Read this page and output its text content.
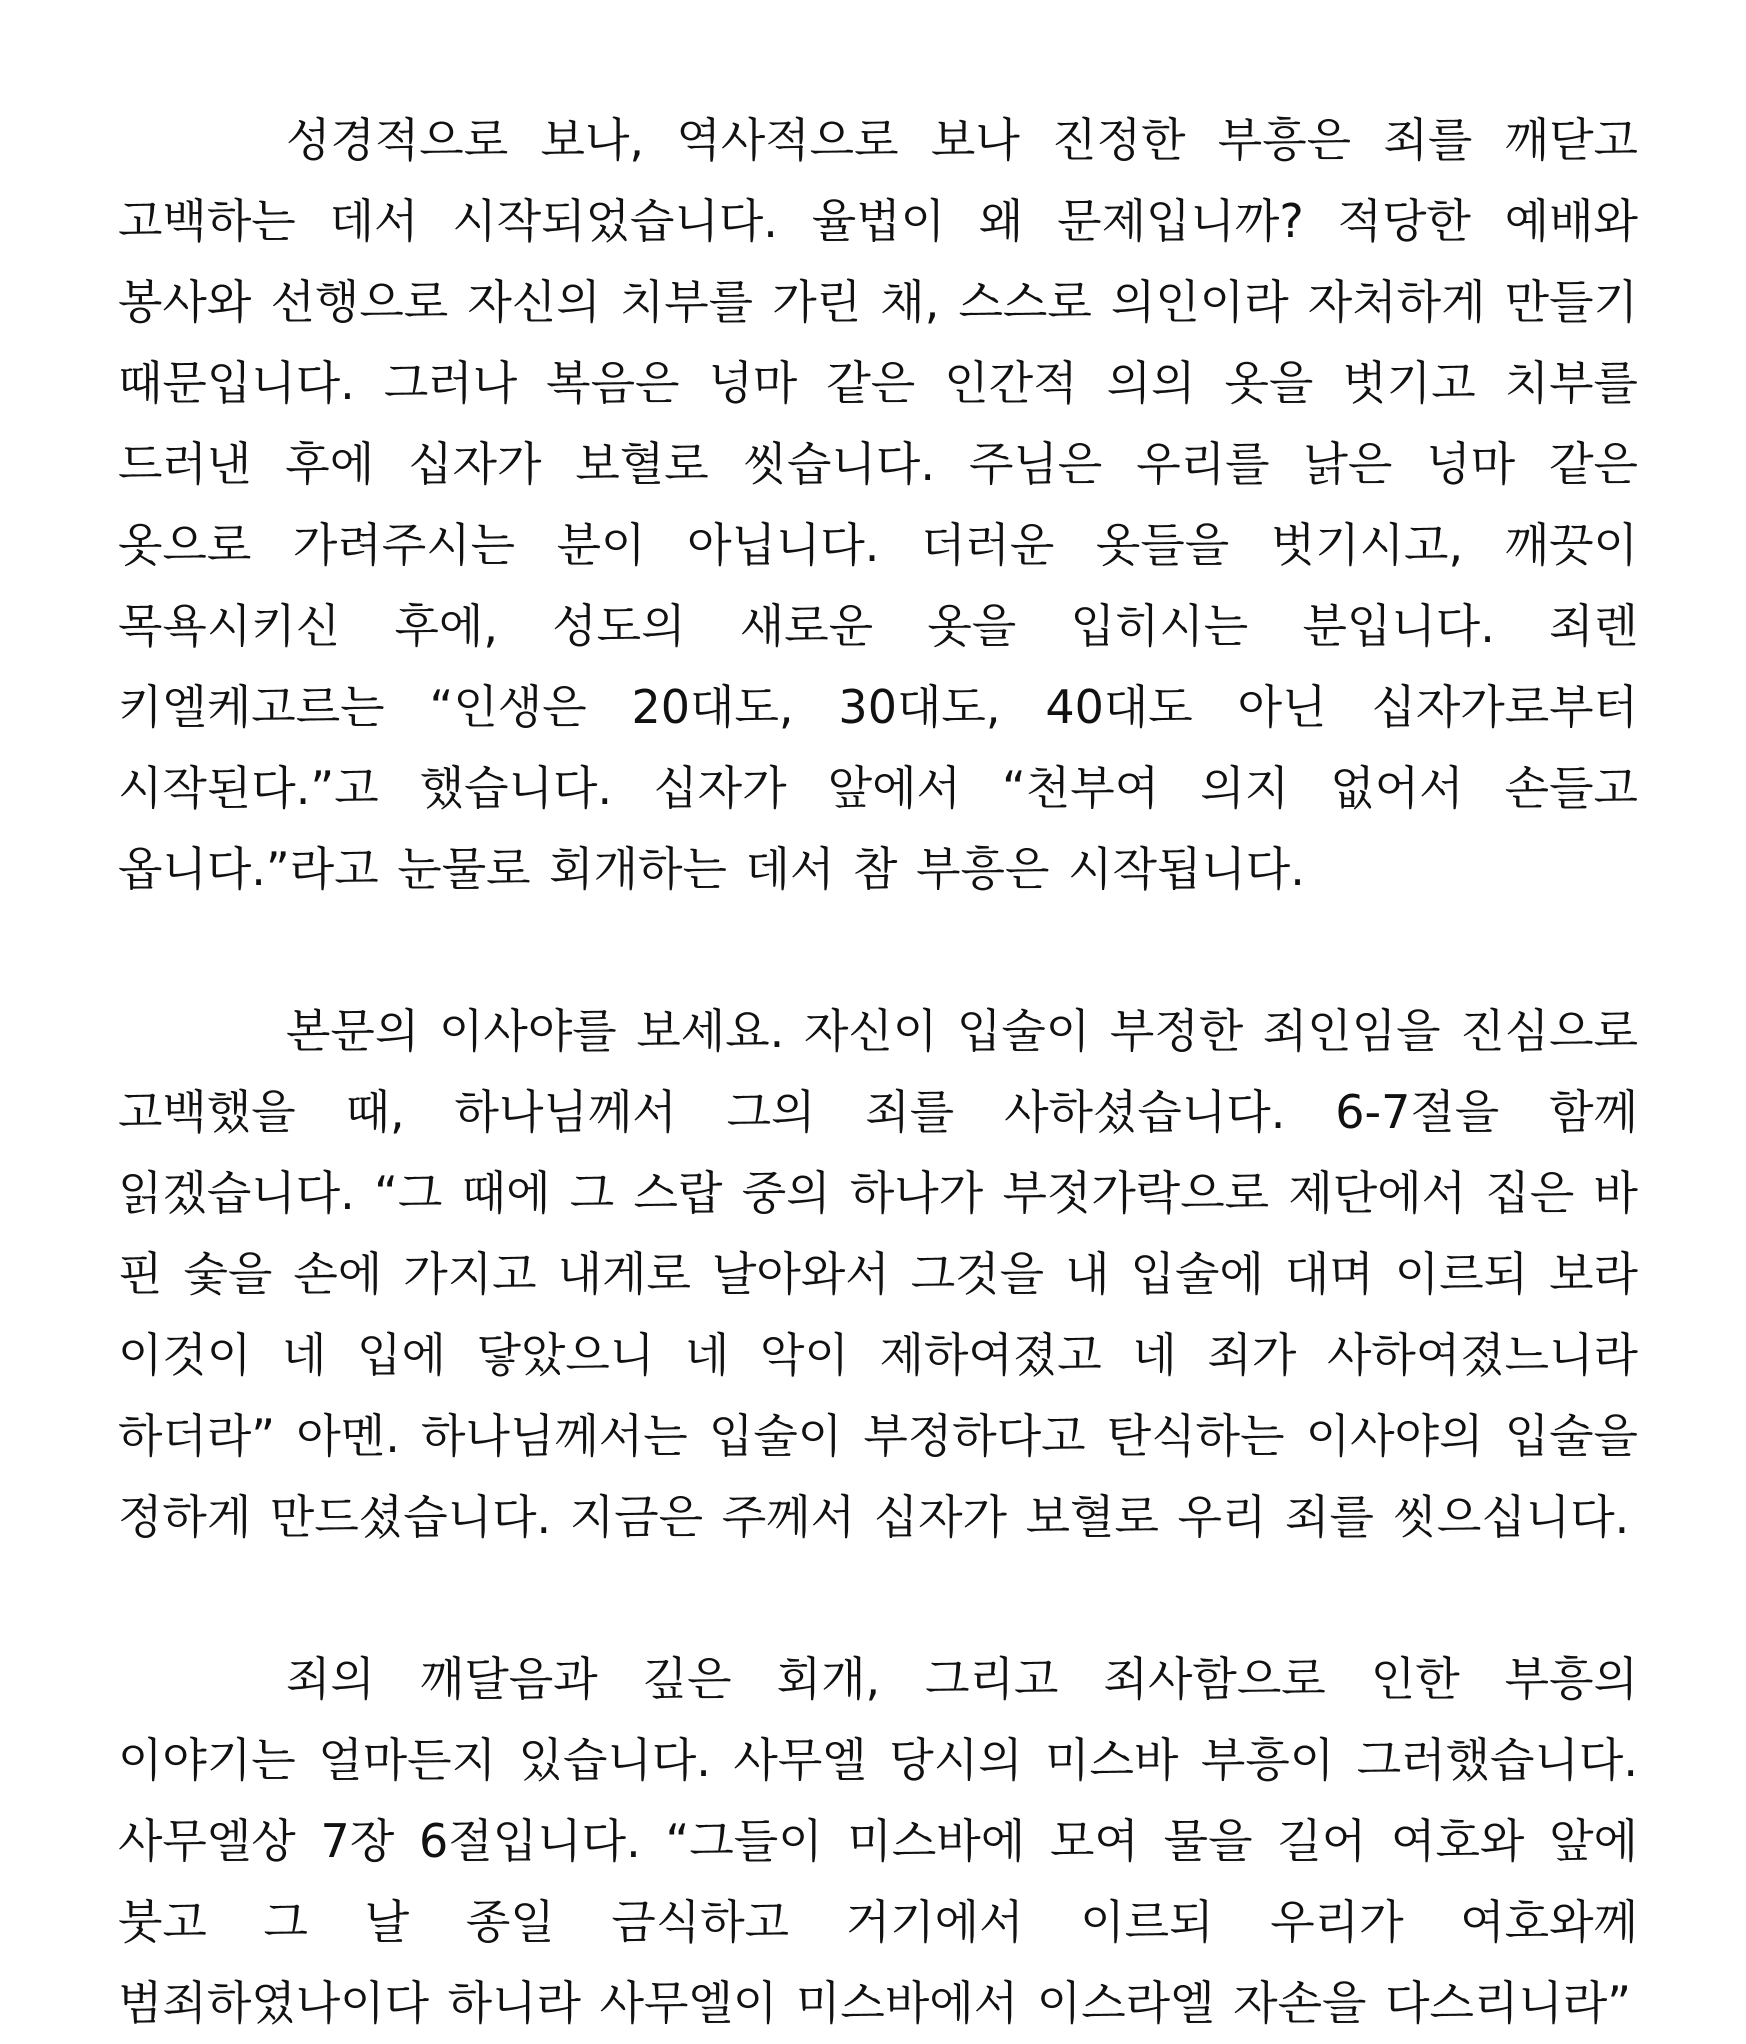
성경적으로 보나, 역사적으로 보나 진정한 부흥은 죄를 깨닫고 고백하는 데서 시작되었습니다. 율법이 왜 문제입니까? 적당한 예배와 봉사와 선행으로 자신의 치부를 가린 채, 스스로 의인이라 자처하게 만들기 때문입니다. 그러나 복음은 넝마 같은 인간적 의의 옷을 벗기고 치부를 드러낸 후에 십자가 보혈로 씻습니다. 주님은 우리를 낡은 넝마 같은 옷으로 가려주시는 분이 아닙니다. 더러운 옷들을 벗기시고, 깨끗이 목욕시키신 후에, 성도의 새로운 옷을 입히시는 분입니다. 죄렌 키엘케고르는 “인생은 20대도, 30대도, 40대도 아닌 십자가로부터 시작된다.”고 했습니다. 십자가 앞에서 “천부여 의지 없어서 손들고 옵니다.”라고 눈물로 회개하는 데서 참 부흥은 시작됩니다.

본문의 이사야를 보세요. 자신이 입술이 부정한 죄인임을 진심으로 고백했을 때, 하나님께서 그의 죄를 사하셨습니다. 6-7절을 함께 읽겠습니다. “그 때에 그 스랍 중의 하나가 부젓가락으로 제단에서 집은 바 핀 숯을 손에 가지고 내게로 날아와서 그것을 내 입술에 대며 이르되 보라 이것이 네 입에 닿았으니 네 악이 제하여졌고 네 죄가 사하여졌느니라 하더라” 아멘. 하나님께서는 입술이 부정하다고 탄식하는 이사야의 입술을 정하게 만드셨습니다. 지금은 주께서 십자가 보혈로 우리 죄를 씻으십니다.

죄의 깨달음과 깊은 회개, 그리고 죄사함으로 인한 부흥의 이야기는 얼마든지 있습니다. 사무엘 당시의 미스바 부흥이 그러했습니다. 사무엘상 7장 6절입니다. “그들이 미스바에 모여 물을 길어 여호와 앞에 붓고 그 날 종일 금식하고 거기에서 이르되 우리가 여호와께 범죄하였나이다 하니라 사무엘이 미스바에서 이스라엘 자손을 다스리니라”
